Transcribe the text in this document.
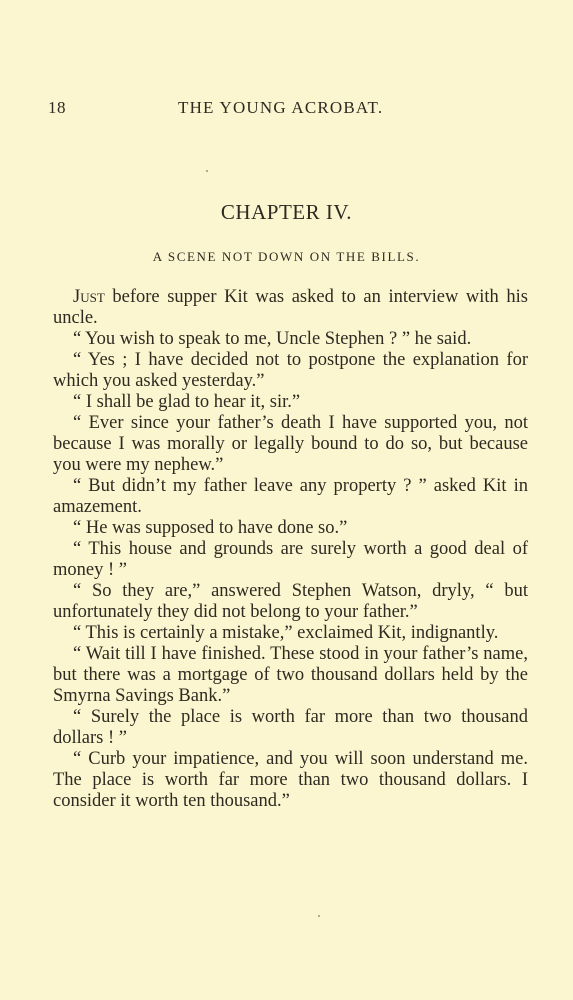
18	THE YOUNG ACROBAT.
CHAPTER IV.
A SCENE NOT DOWN ON THE BILLS.

Just before supper Kit was asked to an interview with his uncle.

“ You wish to speak to me, Uncle Stephen ? ” he said.

“ Yes ; I have decided not to postpone the explanation for which you asked yesterday.”

“ I shall be glad to hear it, sir.”

“ Ever since your father’s death I have supported you, not because I was morally or legally bound to do so, but because you were my nephew.”

“ But didn’t my father leave any property ? ” asked Kit in amazement.

“ He was supposed to have done so.”

“ This house and grounds are surely worth a good deal of money ! ”

“ So they are,” answered Stephen Watson, dryly, “ but unfortunately they did not belong to your father.”

“ This is certainly a mistake,” exclaimed Kit, indignantly.

“ Wait till I have finished. These stood in your father’s name, but there was a mortgage of two thousand dollars held by the Smyrna Savings Bank.”

“ Surely the place is worth far more than two thousand dollars ! ”

“ Curb your impatience, and you will soon understand me. The place is worth far more than two thousand dollars. I consider it worth ten thousand.”
